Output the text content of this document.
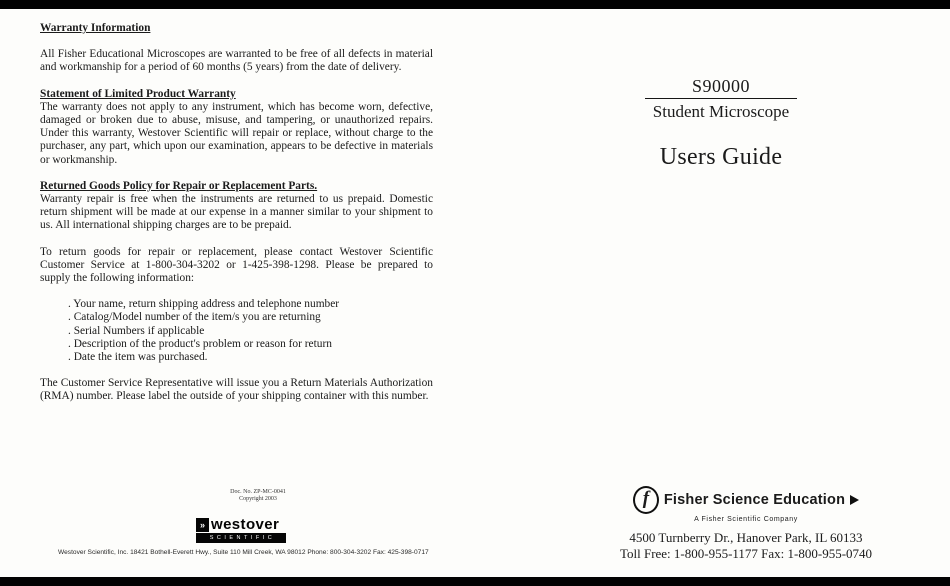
Warranty Information

All Fisher Educational Microscopes are warranted to be free of all defects in material and workmanship for a period of 60 months (5 years) from the date of delivery.

Statement of Limited Product Warranty

The warranty does not apply to any instrument, which has become worn, defective, damaged or broken due to abuse, misuse, and tampering, or unauthorized repairs. Under this warranty, Westover Scientific will repair or replace, without charge to the purchaser, any part, which upon our examination, appears to be defective in materials or workmanship.

Returned Goods Policy for Repair or Replacement Parts.

Warranty repair is free when the instruments are returned to us prepaid. Domestic return shipment will be made at our expense in a manner similar to your shipment to us. All international shipping charges are to be prepaid.

To return goods for repair or replacement, please contact Westover Scientific Customer Service at 1-800-304-3202 or 1-425-398-1298. Please be prepared to supply the following information:

. Your name, return shipping address and telephone number
. Catalog/Model number of the item/s you are returning
. Serial Numbers if applicable
. Description of the product's problem or reason for return
. Date the item was purchased.

The Customer Service Representative will issue you a Return Materials Authorization (RMA) number. Please label the outside of your shipping container with this number.

S90000
Student Microscope
Users Guide
f	Fisher Science Education
A Fisher Scientific Company
4500 Turnberry Dr., Hanover Park, IL 60133
Toll Free: 1-800-955-1177 Fax: 1-800-955-0740
Doc. No. ZP-MC-0041
Copyright 2003
» westover
SCIENTIFIC
Westover Scientific, Inc. 18421 Bothell-Everett Hwy., Suite 110 Mill Creek, WA 98012 Phone: 800-304-3202 Fax: 425-398-0717
